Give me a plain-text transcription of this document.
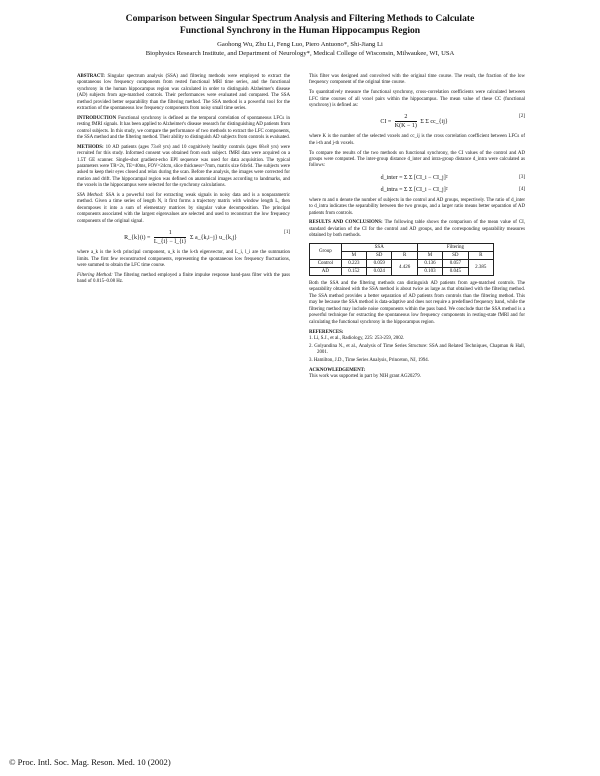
Comparison between Singular Spectrum Analysis and Filtering Methods to Calculate
Functional Synchrony in the Human Hippocampus Region
Gaohong Wu, Zhu Li, Feng Luo, Piero Antuono*, Shi-Jiang Li
Biophysics Research Institute, and Department of Neurology*, Medical College of Wisconsin, Milwaukee, WI, USA

ABSTRACT: Singular spectrum analysis (SSA) and filtering methods were employed to extract the spontaneous low frequency components from rested functional MRI time series, and the functional synchrony in the human hippocampus region was calculated in order to distinguish Alzheimer's disease (AD) subjects from age-matched controls. Their performances were evaluated and compared. The SSA method provided better separability than the filtering method. The SSA method is a powerful tool for the extraction of the spontaneous low frequency components from noisy small time series.

INTRODUCTION Functional synchrony is defined as the temporal correlation of spontaneous LFCs in resting fMRI signals. It has been applied to Alzheimer's disease research for distinguishing AD patients from control subjects. In this study, we compare the performance of two methods to extract the LFC components, the SSA method and the filtering method. Their ability to distinguish AD subjects from controls is evaluated.

METHODS: 10 AD patients (ages 73±8 yrs) and 10 cognitively healthy controls (ages 68±8 yrs) were recruited for this study. Informed consent was obtained from each subject. fMRI data were acquired on a 1.5T GE scanner. Single-shot gradient-echo EPI sequence was used for data acquisition. The typical parameters were TR=2s, TE=40ms, FOV=24cm, slice thickness=7mm, matrix size 64x64. The subjects were asked to keep their eyes closed and relax during the scan. Before the analysis, the images were corrected for motion and drift. The hippocampal region was defined on anatomical images according to landmarks, and the voxels in the hippocampus were selected for the synchrony calculations.

SSA Method: SSA is a powerful tool for extracting weak signals in noisy data and is a nonparametric method. Given a time series of length N, it first forms a trajectory matrix with window length L, then decomposes it into a sum of elementary matrices by singular value decomposition. The principal components associated with the largest eigenvalues are selected and used to reconstruct the low frequency components of the original signal.

R_{k}(i) = $\frac{1}{L\_\{i\} - l\_\{i\}}$ Σ a_{k,i−j} u_{k,j}
[1]

where a_k is the k-th principal component, u_k is the k-th eigenvector, and L_i, l_i are the summation limits. The first few reconstructed components, representing the spontaneous low frequency fluctuations, were summed to obtain the LFC time course.

Filtering Method: The filtering method employed a finite impulse response band-pass filter with the pass band of 0.015–0.08 Hz.

This filter was designed and convolved with the original time course. The result, the fraction of the low frequency component of the original time course.

To quantitatively measure the functional synchrony, cross-correlation coefficients were calculated between LFC time courses of all voxel pairs within the hippocampus. The mean value of these CC (functional synchrony) is defined as:

CI = $\frac{2}{K(K - 1)}$ Σ Σ cc_{ij}
[2]

where K is the number of the selected voxels and cc_ij is the cross correlation coefficient between LFCs of the i-th and j-th voxels.

To compare the results of the two methods on functional synchrony, the CI values of the control and AD groups were computed. The inter-group distance d_inter and intra-group distance d_intra were calculated as follows:

d_inter = Σ Σ [CI_i − CI_j]²	[3]
d_intra = Σ Σ [CI_i − CI_j]²	[4]

where m and n denote the number of subjects in the control and AD groups, respectively. The ratio of d_inter to d_intra indicates the separability between the two groups, and a larger ratio means better separation of AD patients from controls.

RESULTS AND CONCLUSIONS: The following table shows the comparison of the mean value of CI, standard deviation of the CI for the control and AD groups, and the corresponding separability measures obtained by both methods.

Group	SSA			Filtering		
	M	SD	R	M	SD	R
Control	0.223	0.059	4.426	0.136	0.057	2.385
AD	0.152	0.024		0.103	0.045	

Both the SSA and the filtering methods can distinguish AD patients from age-matched controls. The separability obtained with the SSA method is about twice as large as that obtained with the filtering method. The SSA method provides a better separation of AD patients from controls than the filtering method. This may be because the SSA method is data-adaptive and does not require a predefined frequency band, while the filtering method may include noise components within the pass band. We conclude that the SSA method is a powerful technique for extracting the spontaneous low frequency components in resting-state fMRI and for calculating the functional synchrony in the hippocampus region.

REFERENCES:
1. Li, S.J., et al., Radiology, 225: 253-259, 2002.
2. Golyandina N., et al., Analysis of Time Series Structure: SSA and Related Techniques, Chapman & Hall, 2001.
3. Hamilton, J.D., Time Series Analysis, Princeton, NJ, 1994.
ACKNOWLEDGEMENT:
This work was supported in part by NIH grant AG20279.
© Proc. Intl. Soc. Mag. Reson. Med. 10 (2002)
